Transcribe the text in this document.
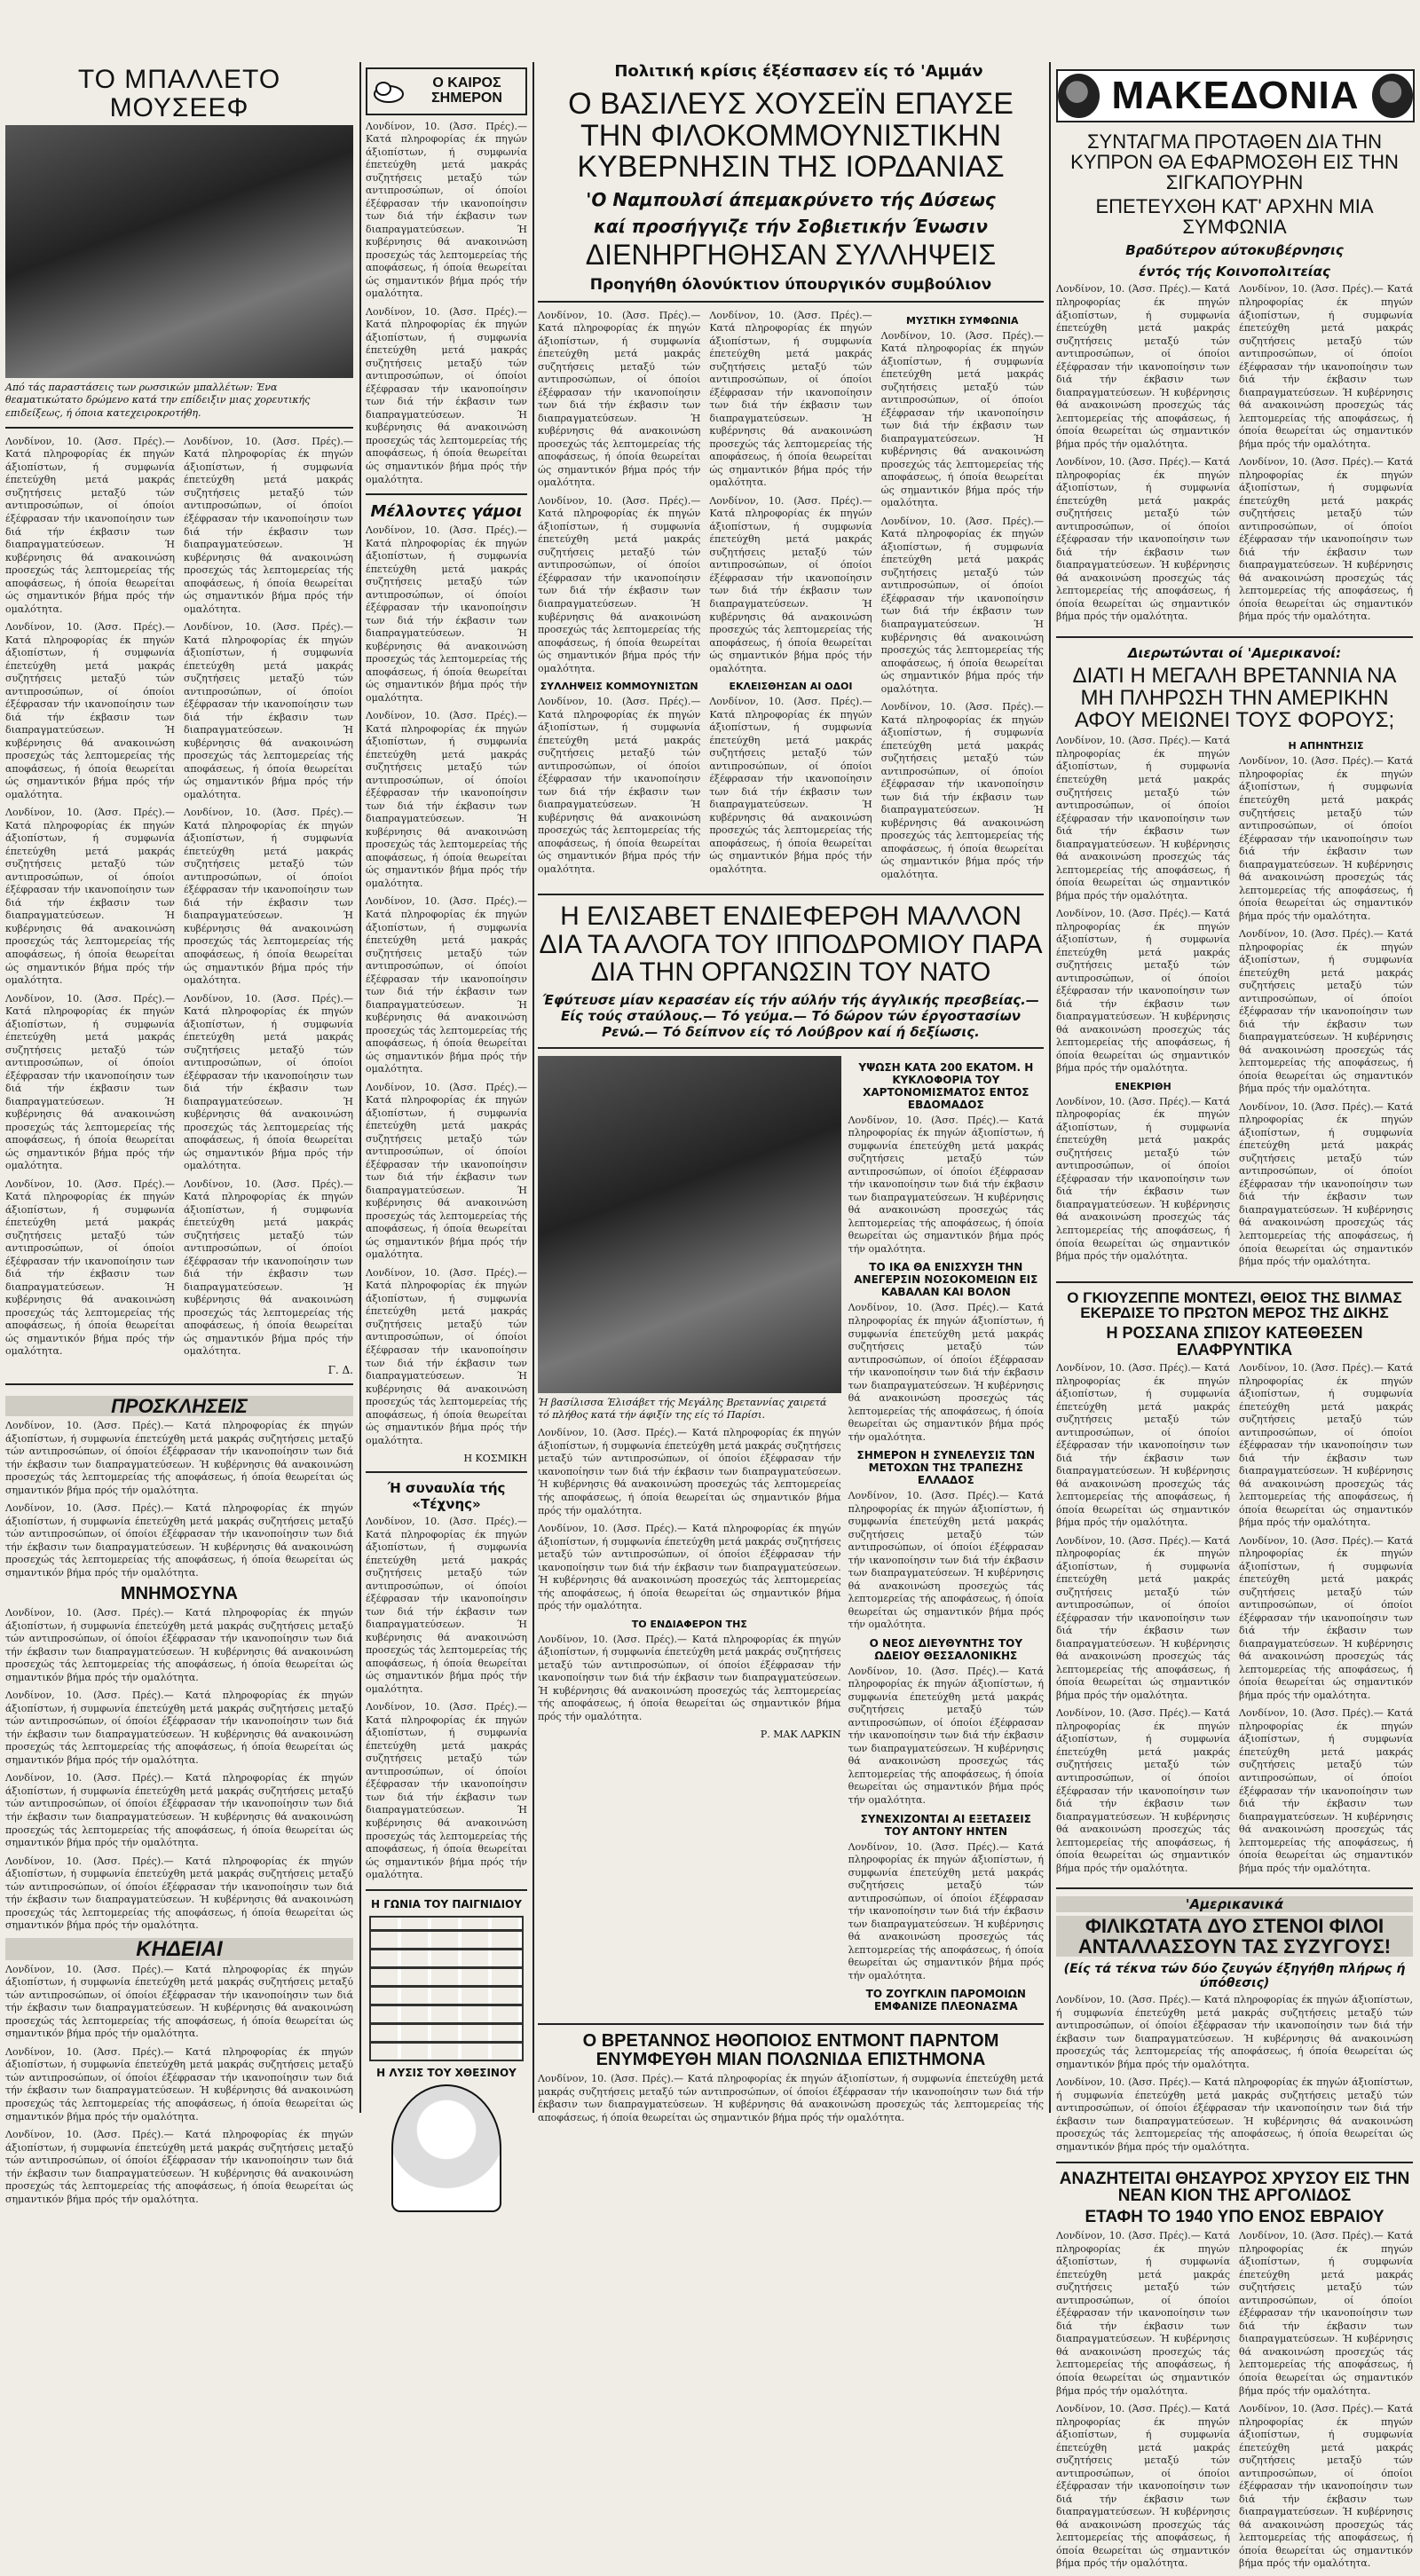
Πολιτική κρίσις έξέσπασεν είς τό 'Αμμάν
ΜΑΚΕΔΟΝΙΑ
ΤΟ ΜΠΑΛΛΕΤΟ ΜΟΥΣΕΕΦ
Από τάς παραστάσεις των ρωσσικών μπαλλέτων: Ένα θεαματικώτατο δρώμενο κατά την επίδειξιν μιας χορευτικής επιδείξεως, ή όποια κατεχειροκροτήθη.

Λονδίνον, 10. (Άσσ. Πρές).— Κατά πληροφορίας έκ πηγών άξιοπίστων, ή συμφωνία έπετεύχθη μετά μακράς συζητήσεις μεταξύ τών αντιπροσώπων, οί όποίοι έξέφρασαν τήν ικανοποίησιν των διά τήν έκβασιν των διαπραγματεύσεων. Ή κυβέρνησις θά ανακοινώση προσεχώς τάς λεπτομερείας τής αποφάσεως, ή όποία θεωρείται ώς σημαντικόν βήμα πρός τήν ομαλότητα.

Λονδίνον, 10. (Άσσ. Πρές).— Κατά πληροφορίας έκ πηγών άξιοπίστων, ή συμφωνία έπετεύχθη μετά μακράς συζητήσεις μεταξύ τών αντιπροσώπων, οί όποίοι έξέφρασαν τήν ικανοποίησιν των διά τήν έκβασιν των διαπραγματεύσεων. Ή κυβέρνησις θά ανακοινώση προσεχώς τάς λεπτομερείας τής αποφάσεως, ή όποία θεωρείται ώς σημαντικόν βήμα πρός τήν ομαλότητα.

Λονδίνον, 10. (Άσσ. Πρές).— Κατά πληροφορίας έκ πηγών άξιοπίστων, ή συμφωνία έπετεύχθη μετά μακράς συζητήσεις μεταξύ τών αντιπροσώπων, οί όποίοι έξέφρασαν τήν ικανοποίησιν των διά τήν έκβασιν των διαπραγματεύσεων. Ή κυβέρνησις θά ανακοινώση προσεχώς τάς λεπτομερείας τής αποφάσεως, ή όποία θεωρείται ώς σημαντικόν βήμα πρός τήν ομαλότητα.

Λονδίνον, 10. (Άσσ. Πρές).— Κατά πληροφορίας έκ πηγών άξιοπίστων, ή συμφωνία έπετεύχθη μετά μακράς συζητήσεις μεταξύ τών αντιπροσώπων, οί όποίοι έξέφρασαν τήν ικανοποίησιν των διά τήν έκβασιν των διαπραγματεύσεων. Ή κυβέρνησις θά ανακοινώση προσεχώς τάς λεπτομερείας τής αποφάσεως, ή όποία θεωρείται ώς σημαντικόν βήμα πρός τήν ομαλότητα.

Λονδίνον, 10. (Άσσ. Πρές).— Κατά πληροφορίας έκ πηγών άξιοπίστων, ή συμφωνία έπετεύχθη μετά μακράς συζητήσεις μεταξύ τών αντιπροσώπων, οί όποίοι έξέφρασαν τήν ικανοποίησιν των διά τήν έκβασιν των διαπραγματεύσεων. Ή κυβέρνησις θά ανακοινώση προσεχώς τάς λεπτομερείας τής αποφάσεως, ή όποία θεωρείται ώς σημαντικόν βήμα πρός τήν ομαλότητα.

Λονδίνον, 10. (Άσσ. Πρές).— Κατά πληροφορίας έκ πηγών άξιοπίστων, ή συμφωνία έπετεύχθη μετά μακράς συζητήσεις μεταξύ τών αντιπροσώπων, οί όποίοι έξέφρασαν τήν ικανοποίησιν των διά τήν έκβασιν των διαπραγματεύσεων. Ή κυβέρνησις θά ανακοινώση προσεχώς τάς λεπτομερείας τής αποφάσεως, ή όποία θεωρείται ώς σημαντικόν βήμα πρός τήν ομαλότητα.

Λονδίνον, 10. (Άσσ. Πρές).— Κατά πληροφορίας έκ πηγών άξιοπίστων, ή συμφωνία έπετεύχθη μετά μακράς συζητήσεις μεταξύ τών αντιπροσώπων, οί όποίοι έξέφρασαν τήν ικανοποίησιν των διά τήν έκβασιν των διαπραγματεύσεων. Ή κυβέρνησις θά ανακοινώση προσεχώς τάς λεπτομερείας τής αποφάσεως, ή όποία θεωρείται ώς σημαντικόν βήμα πρός τήν ομαλότητα.

Λονδίνον, 10. (Άσσ. Πρές).— Κατά πληροφορίας έκ πηγών άξιοπίστων, ή συμφωνία έπετεύχθη μετά μακράς συζητήσεις μεταξύ τών αντιπροσώπων, οί όποίοι έξέφρασαν τήν ικανοποίησιν των διά τήν έκβασιν των διαπραγματεύσεων. Ή κυβέρνησις θά ανακοινώση προσεχώς τάς λεπτομερείας τής αποφάσεως, ή όποία θεωρείται ώς σημαντικόν βήμα πρός τήν ομαλότητα.

Λονδίνον, 10. (Άσσ. Πρές).— Κατά πληροφορίας έκ πηγών άξιοπίστων, ή συμφωνία έπετεύχθη μετά μακράς συζητήσεις μεταξύ τών αντιπροσώπων, οί όποίοι έξέφρασαν τήν ικανοποίησιν των διά τήν έκβασιν των διαπραγματεύσεων. Ή κυβέρνησις θά ανακοινώση προσεχώς τάς λεπτομερείας τής αποφάσεως, ή όποία θεωρείται ώς σημαντικόν βήμα πρός τήν ομαλότητα.

Λονδίνον, 10. (Άσσ. Πρές).— Κατά πληροφορίας έκ πηγών άξιοπίστων, ή συμφωνία έπετεύχθη μετά μακράς συζητήσεις μεταξύ τών αντιπροσώπων, οί όποίοι έξέφρασαν τήν ικανοποίησιν των διά τήν έκβασιν των διαπραγματεύσεων. Ή κυβέρνησις θά ανακοινώση προσεχώς τάς λεπτομερείας τής αποφάσεως, ή όποία θεωρείται ώς σημαντικόν βήμα πρός τήν ομαλότητα.

Γ. Δ.
ΠΡΟΣΚΛΗΣΕΙΣ

Λονδίνον, 10. (Άσσ. Πρές).— Κατά πληροφορίας έκ πηγών άξιοπίστων, ή συμφωνία έπετεύχθη μετά μακράς συζητήσεις μεταξύ τών αντιπροσώπων, οί όποίοι έξέφρασαν τήν ικανοποίησιν των διά τήν έκβασιν των διαπραγματεύσεων. Ή κυβέρνησις θά ανακοινώση προσεχώς τάς λεπτομερείας τής αποφάσεως, ή όποία θεωρείται ώς σημαντικόν βήμα πρός τήν ομαλότητα.

Λονδίνον, 10. (Άσσ. Πρές).— Κατά πληροφορίας έκ πηγών άξιοπίστων, ή συμφωνία έπετεύχθη μετά μακράς συζητήσεις μεταξύ τών αντιπροσώπων, οί όποίοι έξέφρασαν τήν ικανοποίησιν των διά τήν έκβασιν των διαπραγματεύσεων. Ή κυβέρνησις θά ανακοινώση προσεχώς τάς λεπτομερείας τής αποφάσεως, ή όποία θεωρείται ώς σημαντικόν βήμα πρός τήν ομαλότητα.

ΜΝΗΜΟΣΥΝΑ

Λονδίνον, 10. (Άσσ. Πρές).— Κατά πληροφορίας έκ πηγών άξιοπίστων, ή συμφωνία έπετεύχθη μετά μακράς συζητήσεις μεταξύ τών αντιπροσώπων, οί όποίοι έξέφρασαν τήν ικανοποίησιν των διά τήν έκβασιν των διαπραγματεύσεων. Ή κυβέρνησις θά ανακοινώση προσεχώς τάς λεπτομερείας τής αποφάσεως, ή όποία θεωρείται ώς σημαντικόν βήμα πρός τήν ομαλότητα.

Λονδίνον, 10. (Άσσ. Πρές).— Κατά πληροφορίας έκ πηγών άξιοπίστων, ή συμφωνία έπετεύχθη μετά μακράς συζητήσεις μεταξύ τών αντιπροσώπων, οί όποίοι έξέφρασαν τήν ικανοποίησιν των διά τήν έκβασιν των διαπραγματεύσεων. Ή κυβέρνησις θά ανακοινώση προσεχώς τάς λεπτομερείας τής αποφάσεως, ή όποία θεωρείται ώς σημαντικόν βήμα πρός τήν ομαλότητα.

Λονδίνον, 10. (Άσσ. Πρές).— Κατά πληροφορίας έκ πηγών άξιοπίστων, ή συμφωνία έπετεύχθη μετά μακράς συζητήσεις μεταξύ τών αντιπροσώπων, οί όποίοι έξέφρασαν τήν ικανοποίησιν των διά τήν έκβασιν των διαπραγματεύσεων. Ή κυβέρνησις θά ανακοινώση προσεχώς τάς λεπτομερείας τής αποφάσεως, ή όποία θεωρείται ώς σημαντικόν βήμα πρός τήν ομαλότητα.

Λονδίνον, 10. (Άσσ. Πρές).— Κατά πληροφορίας έκ πηγών άξιοπίστων, ή συμφωνία έπετεύχθη μετά μακράς συζητήσεις μεταξύ τών αντιπροσώπων, οί όποίοι έξέφρασαν τήν ικανοποίησιν των διά τήν έκβασιν των διαπραγματεύσεων. Ή κυβέρνησις θά ανακοινώση προσεχώς τάς λεπτομερείας τής αποφάσεως, ή όποία θεωρείται ώς σημαντικόν βήμα πρός τήν ομαλότητα.

ΚΗΔΕΙΑΙ

Λονδίνον, 10. (Άσσ. Πρές).— Κατά πληροφορίας έκ πηγών άξιοπίστων, ή συμφωνία έπετεύχθη μετά μακράς συζητήσεις μεταξύ τών αντιπροσώπων, οί όποίοι έξέφρασαν τήν ικανοποίησιν των διά τήν έκβασιν των διαπραγματεύσεων. Ή κυβέρνησις θά ανακοινώση προσεχώς τάς λεπτομερείας τής αποφάσεως, ή όποία θεωρείται ώς σημαντικόν βήμα πρός τήν ομαλότητα.

Λονδίνον, 10. (Άσσ. Πρές).— Κατά πληροφορίας έκ πηγών άξιοπίστων, ή συμφωνία έπετεύχθη μετά μακράς συζητήσεις μεταξύ τών αντιπροσώπων, οί όποίοι έξέφρασαν τήν ικανοποίησιν των διά τήν έκβασιν των διαπραγματεύσεων. Ή κυβέρνησις θά ανακοινώση προσεχώς τάς λεπτομερείας τής αποφάσεως, ή όποία θεωρείται ώς σημαντικόν βήμα πρός τήν ομαλότητα.

Λονδίνον, 10. (Άσσ. Πρές).— Κατά πληροφορίας έκ πηγών άξιοπίστων, ή συμφωνία έπετεύχθη μετά μακράς συζητήσεις μεταξύ τών αντιπροσώπων, οί όποίοι έξέφρασαν τήν ικανοποίησιν των διά τήν έκβασιν των διαπραγματεύσεων. Ή κυβέρνησις θά ανακοινώση προσεχώς τάς λεπτομερείας τής αποφάσεως, ή όποία θεωρείται ώς σημαντικόν βήμα πρός τήν ομαλότητα.

Ο ΚΑΙΡΟΣ ΣΗΜΕΡΟΝ

Λονδίνον, 10. (Άσσ. Πρές).— Κατά πληροφορίας έκ πηγών άξιοπίστων, ή συμφωνία έπετεύχθη μετά μακράς συζητήσεις μεταξύ τών αντιπροσώπων, οί όποίοι έξέφρασαν τήν ικανοποίησιν των διά τήν έκβασιν των διαπραγματεύσεων. Ή κυβέρνησις θά ανακοινώση προσεχώς τάς λεπτομερείας τής αποφάσεως, ή όποία θεωρείται ώς σημαντικόν βήμα πρός τήν ομαλότητα.

Λονδίνον, 10. (Άσσ. Πρές).— Κατά πληροφορίας έκ πηγών άξιοπίστων, ή συμφωνία έπετεύχθη μετά μακράς συζητήσεις μεταξύ τών αντιπροσώπων, οί όποίοι έξέφρασαν τήν ικανοποίησιν των διά τήν έκβασιν των διαπραγματεύσεων. Ή κυβέρνησις θά ανακοινώση προσεχώς τάς λεπτομερείας τής αποφάσεως, ή όποία θεωρείται ώς σημαντικόν βήμα πρός τήν ομαλότητα.

Μέλλοντες γάμοι

Λονδίνον, 10. (Άσσ. Πρές).— Κατά πληροφορίας έκ πηγών άξιοπίστων, ή συμφωνία έπετεύχθη μετά μακράς συζητήσεις μεταξύ τών αντιπροσώπων, οί όποίοι έξέφρασαν τήν ικανοποίησιν των διά τήν έκβασιν των διαπραγματεύσεων. Ή κυβέρνησις θά ανακοινώση προσεχώς τάς λεπτομερείας τής αποφάσεως, ή όποία θεωρείται ώς σημαντικόν βήμα πρός τήν ομαλότητα.

Λονδίνον, 10. (Άσσ. Πρές).— Κατά πληροφορίας έκ πηγών άξιοπίστων, ή συμφωνία έπετεύχθη μετά μακράς συζητήσεις μεταξύ τών αντιπροσώπων, οί όποίοι έξέφρασαν τήν ικανοποίησιν των διά τήν έκβασιν των διαπραγματεύσεων. Ή κυβέρνησις θά ανακοινώση προσεχώς τάς λεπτομερείας τής αποφάσεως, ή όποία θεωρείται ώς σημαντικόν βήμα πρός τήν ομαλότητα.

Λονδίνον, 10. (Άσσ. Πρές).— Κατά πληροφορίας έκ πηγών άξιοπίστων, ή συμφωνία έπετεύχθη μετά μακράς συζητήσεις μεταξύ τών αντιπροσώπων, οί όποίοι έξέφρασαν τήν ικανοποίησιν των διά τήν έκβασιν των διαπραγματεύσεων. Ή κυβέρνησις θά ανακοινώση προσεχώς τάς λεπτομερείας τής αποφάσεως, ή όποία θεωρείται ώς σημαντικόν βήμα πρός τήν ομαλότητα.

Λονδίνον, 10. (Άσσ. Πρές).— Κατά πληροφορίας έκ πηγών άξιοπίστων, ή συμφωνία έπετεύχθη μετά μακράς συζητήσεις μεταξύ τών αντιπροσώπων, οί όποίοι έξέφρασαν τήν ικανοποίησιν των διά τήν έκβασιν των διαπραγματεύσεων. Ή κυβέρνησις θά ανακοινώση προσεχώς τάς λεπτομερείας τής αποφάσεως, ή όποία θεωρείται ώς σημαντικόν βήμα πρός τήν ομαλότητα.

Λονδίνον, 10. (Άσσ. Πρές).— Κατά πληροφορίας έκ πηγών άξιοπίστων, ή συμφωνία έπετεύχθη μετά μακράς συζητήσεις μεταξύ τών αντιπροσώπων, οί όποίοι έξέφρασαν τήν ικανοποίησιν των διά τήν έκβασιν των διαπραγματεύσεων. Ή κυβέρνησις θά ανακοινώση προσεχώς τάς λεπτομερείας τής αποφάσεως, ή όποία θεωρείται ώς σημαντικόν βήμα πρός τήν ομαλότητα.

Η ΚΟΣΜΙΚΗ
Ή συναυλία τής «Τέχνης»

Λονδίνον, 10. (Άσσ. Πρές).— Κατά πληροφορίας έκ πηγών άξιοπίστων, ή συμφωνία έπετεύχθη μετά μακράς συζητήσεις μεταξύ τών αντιπροσώπων, οί όποίοι έξέφρασαν τήν ικανοποίησιν των διά τήν έκβασιν των διαπραγματεύσεων. Ή κυβέρνησις θά ανακοινώση προσεχώς τάς λεπτομερείας τής αποφάσεως, ή όποία θεωρείται ώς σημαντικόν βήμα πρός τήν ομαλότητα.

Λονδίνον, 10. (Άσσ. Πρές).— Κατά πληροφορίας έκ πηγών άξιοπίστων, ή συμφωνία έπετεύχθη μετά μακράς συζητήσεις μεταξύ τών αντιπροσώπων, οί όποίοι έξέφρασαν τήν ικανοποίησιν των διά τήν έκβασιν των διαπραγματεύσεων. Ή κυβέρνησις θά ανακοινώση προσεχώς τάς λεπτομερείας τής αποφάσεως, ή όποία θεωρείται ώς σημαντικόν βήμα πρός τήν ομαλότητα.

Η ΓΩΝΙΑ ΤΟΥ ΠΑΙΓΝΙΔΙΟΥ
Η ΛΥΣΙΣ ΤΟΥ ΧΘΕΣΙΝΟΥ
Ο ΒΑΣΙΛΕΥΣ ΧΟΥΣΕΪΝ ΕΠΑΥΣΕ ΤΗΝ ΦΙΛΟΚΟΜΜΟΥΝΙΣΤΙΚΗΝ ΚΥΒΕΡΝΗΣΙΝ ΤΗΣ ΙΟΡΔΑΝΙΑΣ
'Ο Ναμπουλσί άπεμακρύνετο τής Δύσεως
καί προσήγγιζε τήν Σοβιετικήν Ένωσιν
ΔΙΕΝΗΡΓΗΘΗΣΑΝ ΣΥΛΛΗΨΕΙΣ
Προηγήθη όλονύκτιον ύπουργικόν συμβούλιον

Λονδίνον, 10. (Άσσ. Πρές).— Κατά πληροφορίας έκ πηγών άξιοπίστων, ή συμφωνία έπετεύχθη μετά μακράς συζητήσεις μεταξύ τών αντιπροσώπων, οί όποίοι έξέφρασαν τήν ικανοποίησιν των διά τήν έκβασιν των διαπραγματεύσεων. Ή κυβέρνησις θά ανακοινώση προσεχώς τάς λεπτομερείας τής αποφάσεως, ή όποία θεωρείται ώς σημαντικόν βήμα πρός τήν ομαλότητα.

Λονδίνον, 10. (Άσσ. Πρές).— Κατά πληροφορίας έκ πηγών άξιοπίστων, ή συμφωνία έπετεύχθη μετά μακράς συζητήσεις μεταξύ τών αντιπροσώπων, οί όποίοι έξέφρασαν τήν ικανοποίησιν των διά τήν έκβασιν των διαπραγματεύσεων. Ή κυβέρνησις θά ανακοινώση προσεχώς τάς λεπτομερείας τής αποφάσεως, ή όποία θεωρείται ώς σημαντικόν βήμα πρός τήν ομαλότητα.

ΣΥΛΛΗΨΕΙΣ ΚΟΜΜΟΥΝΙΣΤΩΝ

Λονδίνον, 10. (Άσσ. Πρές).— Κατά πληροφορίας έκ πηγών άξιοπίστων, ή συμφωνία έπετεύχθη μετά μακράς συζητήσεις μεταξύ τών αντιπροσώπων, οί όποίοι έξέφρασαν τήν ικανοποίησιν των διά τήν έκβασιν των διαπραγματεύσεων. Ή κυβέρνησις θά ανακοινώση προσεχώς τάς λεπτομερείας τής αποφάσεως, ή όποία θεωρείται ώς σημαντικόν βήμα πρός τήν ομαλότητα.

Λονδίνον, 10. (Άσσ. Πρές).— Κατά πληροφορίας έκ πηγών άξιοπίστων, ή συμφωνία έπετεύχθη μετά μακράς συζητήσεις μεταξύ τών αντιπροσώπων, οί όποίοι έξέφρασαν τήν ικανοποίησιν των διά τήν έκβασιν των διαπραγματεύσεων. Ή κυβέρνησις θά ανακοινώση προσεχώς τάς λεπτομερείας τής αποφάσεως, ή όποία θεωρείται ώς σημαντικόν βήμα πρός τήν ομαλότητα.

Λονδίνον, 10. (Άσσ. Πρές).— Κατά πληροφορίας έκ πηγών άξιοπίστων, ή συμφωνία έπετεύχθη μετά μακράς συζητήσεις μεταξύ τών αντιπροσώπων, οί όποίοι έξέφρασαν τήν ικανοποίησιν των διά τήν έκβασιν των διαπραγματεύσεων. Ή κυβέρνησις θά ανακοινώση προσεχώς τάς λεπτομερείας τής αποφάσεως, ή όποία θεωρείται ώς σημαντικόν βήμα πρός τήν ομαλότητα.

ΕΚΛΕΙΣΘΗΣΑΝ ΑΙ ΟΔΟΙ

Λονδίνον, 10. (Άσσ. Πρές).— Κατά πληροφορίας έκ πηγών άξιοπίστων, ή συμφωνία έπετεύχθη μετά μακράς συζητήσεις μεταξύ τών αντιπροσώπων, οί όποίοι έξέφρασαν τήν ικανοποίησιν των διά τήν έκβασιν των διαπραγματεύσεων. Ή κυβέρνησις θά ανακοινώση προσεχώς τάς λεπτομερείας τής αποφάσεως, ή όποία θεωρείται ώς σημαντικόν βήμα πρός τήν ομαλότητα.

ΜΥΣΤΙΚΗ ΣΥΜΦΩΝΙΑ

Λονδίνον, 10. (Άσσ. Πρές).— Κατά πληροφορίας έκ πηγών άξιοπίστων, ή συμφωνία έπετεύχθη μετά μακράς συζητήσεις μεταξύ τών αντιπροσώπων, οί όποίοι έξέφρασαν τήν ικανοποίησιν των διά τήν έκβασιν των διαπραγματεύσεων. Ή κυβέρνησις θά ανακοινώση προσεχώς τάς λεπτομερείας τής αποφάσεως, ή όποία θεωρείται ώς σημαντικόν βήμα πρός τήν ομαλότητα.

Λονδίνον, 10. (Άσσ. Πρές).— Κατά πληροφορίας έκ πηγών άξιοπίστων, ή συμφωνία έπετεύχθη μετά μακράς συζητήσεις μεταξύ τών αντιπροσώπων, οί όποίοι έξέφρασαν τήν ικανοποίησιν των διά τήν έκβασιν των διαπραγματεύσεων. Ή κυβέρνησις θά ανακοινώση προσεχώς τάς λεπτομερείας τής αποφάσεως, ή όποία θεωρείται ώς σημαντικόν βήμα πρός τήν ομαλότητα.

Λονδίνον, 10. (Άσσ. Πρές).— Κατά πληροφορίας έκ πηγών άξιοπίστων, ή συμφωνία έπετεύχθη μετά μακράς συζητήσεις μεταξύ τών αντιπροσώπων, οί όποίοι έξέφρασαν τήν ικανοποίησιν των διά τήν έκβασιν των διαπραγματεύσεων. Ή κυβέρνησις θά ανακοινώση προσεχώς τάς λεπτομερείας τής αποφάσεως, ή όποία θεωρείται ώς σημαντικόν βήμα πρός τήν ομαλότητα.

Η ΕΛΙΣΑΒΕΤ ΕΝΔΙΕΦΕΡΘΗ ΜΑΛΛΟΝ ΔΙΑ ΤΑ ΑΛΟΓΑ ΤΟΥ ΙΠΠΟΔΡΟΜΙΟΥ ΠΑΡΑ ΔΙΑ ΤΗΝ ΟΡΓΑΝΩΣΙΝ ΤΟΥ ΝΑΤΟ
Έφύτευσε μίαν κερασέαν είς τήν αύλήν τής άγγλικής πρεσβείας.— Είς τούς σταύλους.— Τό γεύμα.— Τό δώρον τών έργοστασίων Ρενώ.— Τό δείπνον είς τό Λούβρον καί ή δεξίωσις.
Ή βασίλισσα Έλισάβετ τής Μεγάλης Βρεταννίας χαιρετά τό πλήθος κατά τήν άφιξίν της είς τό Παρίσι.

Λονδίνον, 10. (Άσσ. Πρές).— Κατά πληροφορίας έκ πηγών άξιοπίστων, ή συμφωνία έπετεύχθη μετά μακράς συζητήσεις μεταξύ τών αντιπροσώπων, οί όποίοι έξέφρασαν τήν ικανοποίησιν των διά τήν έκβασιν των διαπραγματεύσεων. Ή κυβέρνησις θά ανακοινώση προσεχώς τάς λεπτομερείας τής αποφάσεως, ή όποία θεωρείται ώς σημαντικόν βήμα πρός τήν ομαλότητα.

Λονδίνον, 10. (Άσσ. Πρές).— Κατά πληροφορίας έκ πηγών άξιοπίστων, ή συμφωνία έπετεύχθη μετά μακράς συζητήσεις μεταξύ τών αντιπροσώπων, οί όποίοι έξέφρασαν τήν ικανοποίησιν των διά τήν έκβασιν των διαπραγματεύσεων. Ή κυβέρνησις θά ανακοινώση προσεχώς τάς λεπτομερείας τής αποφάσεως, ή όποία θεωρείται ώς σημαντικόν βήμα πρός τήν ομαλότητα.

ΤΟ ΕΝΔΙΑΦΕΡΟΝ ΤΗΣ

Λονδίνον, 10. (Άσσ. Πρές).— Κατά πληροφορίας έκ πηγών άξιοπίστων, ή συμφωνία έπετεύχθη μετά μακράς συζητήσεις μεταξύ τών αντιπροσώπων, οί όποίοι έξέφρασαν τήν ικανοποίησιν των διά τήν έκβασιν των διαπραγματεύσεων. Ή κυβέρνησις θά ανακοινώση προσεχώς τάς λεπτομερείας τής αποφάσεως, ή όποία θεωρείται ώς σημαντικόν βήμα πρός τήν ομαλότητα.

Ρ. ΜΑΚ ΛΑΡΚΙΝ
ΥΨΩΣΗ ΚΑΤΑ 200 ΕΚΑΤΟΜ. Η ΚΥΚΛΟΦΟΡΙΑ ΤΟΥ ΧΑΡΤΟΝΟΜΙΣΜΑΤΟΣ ΕΝΤΟΣ ΕΒΔΟΜΑΔΟΣ

Λονδίνον, 10. (Άσσ. Πρές).— Κατά πληροφορίας έκ πηγών άξιοπίστων, ή συμφωνία έπετεύχθη μετά μακράς συζητήσεις μεταξύ τών αντιπροσώπων, οί όποίοι έξέφρασαν τήν ικανοποίησιν των διά τήν έκβασιν των διαπραγματεύσεων. Ή κυβέρνησις θά ανακοινώση προσεχώς τάς λεπτομερείας τής αποφάσεως, ή όποία θεωρείται ώς σημαντικόν βήμα πρός τήν ομαλότητα.

ΤΟ ΙΚΑ ΘΑ ΕΝΙΣΧΥΣΗ ΤΗΝ ΑΝΕΓΕΡΣΙΝ ΝΟΣΟΚΟΜΕΙΩΝ ΕΙΣ ΚΑΒΑΛΑΝ ΚΑΙ ΒΟΛΟΝ

Λονδίνον, 10. (Άσσ. Πρές).— Κατά πληροφορίας έκ πηγών άξιοπίστων, ή συμφωνία έπετεύχθη μετά μακράς συζητήσεις μεταξύ τών αντιπροσώπων, οί όποίοι έξέφρασαν τήν ικανοποίησιν των διά τήν έκβασιν των διαπραγματεύσεων. Ή κυβέρνησις θά ανακοινώση προσεχώς τάς λεπτομερείας τής αποφάσεως, ή όποία θεωρείται ώς σημαντικόν βήμα πρός τήν ομαλότητα.

ΣΗΜΕΡΟΝ Η ΣΥΝΕΛΕΥΣΙΣ ΤΩΝ ΜΕΤΟΧΩΝ ΤΗΣ ΤΡΑΠΕΖΗΣ ΕΛΛΑΔΟΣ

Λονδίνον, 10. (Άσσ. Πρές).— Κατά πληροφορίας έκ πηγών άξιοπίστων, ή συμφωνία έπετεύχθη μετά μακράς συζητήσεις μεταξύ τών αντιπροσώπων, οί όποίοι έξέφρασαν τήν ικανοποίησιν των διά τήν έκβασιν των διαπραγματεύσεων. Ή κυβέρνησις θά ανακοινώση προσεχώς τάς λεπτομερείας τής αποφάσεως, ή όποία θεωρείται ώς σημαντικόν βήμα πρός τήν ομαλότητα.

Ο ΝΕΟΣ ΔΙΕΥΘΥΝΤΗΣ ΤΟΥ ΩΔΕΙΟΥ ΘΕΣΣΑΛΟΝΙΚΗΣ

Λονδίνον, 10. (Άσσ. Πρές).— Κατά πληροφορίας έκ πηγών άξιοπίστων, ή συμφωνία έπετεύχθη μετά μακράς συζητήσεις μεταξύ τών αντιπροσώπων, οί όποίοι έξέφρασαν τήν ικανοποίησιν των διά τήν έκβασιν των διαπραγματεύσεων. Ή κυβέρνησις θά ανακοινώση προσεχώς τάς λεπτομερείας τής αποφάσεως, ή όποία θεωρείται ώς σημαντικόν βήμα πρός τήν ομαλότητα.

ΣΥΝΕΧΙΖΟΝΤΑΙ ΑΙ ΕΞΕΤΑΣΕΙΣ ΤΟΥ ΑΝΤΟΝΥ ΗΝΤΕΝ

Λονδίνον, 10. (Άσσ. Πρές).— Κατά πληροφορίας έκ πηγών άξιοπίστων, ή συμφωνία έπετεύχθη μετά μακράς συζητήσεις μεταξύ τών αντιπροσώπων, οί όποίοι έξέφρασαν τήν ικανοποίησιν των διά τήν έκβασιν των διαπραγματεύσεων. Ή κυβέρνησις θά ανακοινώση προσεχώς τάς λεπτομερείας τής αποφάσεως, ή όποία θεωρείται ώς σημαντικόν βήμα πρός τήν ομαλότητα.

ΤΟ ΖΟΥΓΚΛΙΝ ΠΑΡΟΜΟΙΩΝ ΕΜΦΑΝΙΖΕ ΠΛΕΟΝΑΣΜΑ
Ο ΒΡΕΤΑΝΝΟΣ ΗΘΟΠΟΙΟΣ ΕΝΤΜΟΝΤ ΠΑΡΝΤΟΜ ΕΝΥΜΦΕΥΘΗ ΜΙΑΝ ΠΟΛΩΝΙΔΑ ΕΠΙΣΤΗΜΟΝΑ

Λονδίνον, 10. (Άσσ. Πρές).— Κατά πληροφορίας έκ πηγών άξιοπίστων, ή συμφωνία έπετεύχθη μετά μακράς συζητήσεις μεταξύ τών αντιπροσώπων, οί όποίοι έξέφρασαν τήν ικανοποίησιν των διά τήν έκβασιν των διαπραγματεύσεων. Ή κυβέρνησις θά ανακοινώση προσεχώς τάς λεπτομερείας τής αποφάσεως, ή όποία θεωρείται ώς σημαντικόν βήμα πρός τήν ομαλότητα.

ΣΥΝΤΑΓΜΑ ΠΡΟΤΑΘΕΝ ΔΙΑ ΤΗΝ ΚΥΠΡΟΝ ΘΑ ΕΦΑΡΜΟΣΘΗ ΕΙΣ ΤΗΝ ΣΙΓΚΑΠΟΥΡΗΝ
ΕΠΕΤΕΥΧΘΗ ΚΑΤ' ΑΡΧΗΝ ΜΙΑ ΣΥΜΦΩΝΙΑ
Βραδύτερον αύτοκυβέρνησις
έντός τής Κοινοπολιτείας

Λονδίνον, 10. (Άσσ. Πρές).— Κατά πληροφορίας έκ πηγών άξιοπίστων, ή συμφωνία έπετεύχθη μετά μακράς συζητήσεις μεταξύ τών αντιπροσώπων, οί όποίοι έξέφρασαν τήν ικανοποίησιν των διά τήν έκβασιν των διαπραγματεύσεων. Ή κυβέρνησις θά ανακοινώση προσεχώς τάς λεπτομερείας τής αποφάσεως, ή όποία θεωρείται ώς σημαντικόν βήμα πρός τήν ομαλότητα.

Λονδίνον, 10. (Άσσ. Πρές).— Κατά πληροφορίας έκ πηγών άξιοπίστων, ή συμφωνία έπετεύχθη μετά μακράς συζητήσεις μεταξύ τών αντιπροσώπων, οί όποίοι έξέφρασαν τήν ικανοποίησιν των διά τήν έκβασιν των διαπραγματεύσεων. Ή κυβέρνησις θά ανακοινώση προσεχώς τάς λεπτομερείας τής αποφάσεως, ή όποία θεωρείται ώς σημαντικόν βήμα πρός τήν ομαλότητα.

Λονδίνον, 10. (Άσσ. Πρές).— Κατά πληροφορίας έκ πηγών άξιοπίστων, ή συμφωνία έπετεύχθη μετά μακράς συζητήσεις μεταξύ τών αντιπροσώπων, οί όποίοι έξέφρασαν τήν ικανοποίησιν των διά τήν έκβασιν των διαπραγματεύσεων. Ή κυβέρνησις θά ανακοινώση προσεχώς τάς λεπτομερείας τής αποφάσεως, ή όποία θεωρείται ώς σημαντικόν βήμα πρός τήν ομαλότητα.

Λονδίνον, 10. (Άσσ. Πρές).— Κατά πληροφορίας έκ πηγών άξιοπίστων, ή συμφωνία έπετεύχθη μετά μακράς συζητήσεις μεταξύ τών αντιπροσώπων, οί όποίοι έξέφρασαν τήν ικανοποίησιν των διά τήν έκβασιν των διαπραγματεύσεων. Ή κυβέρνησις θά ανακοινώση προσεχώς τάς λεπτομερείας τής αποφάσεως, ή όποία θεωρείται ώς σημαντικόν βήμα πρός τήν ομαλότητα.

Διερωτώνται οί 'Αμερικανοί:
ΔΙΑΤΙ Η ΜΕΓΑΛΗ ΒΡΕΤΑΝΝΙΑ ΝΑ ΜΗ ΠΛΗΡΩΣΗ ΤΗΝ ΑΜΕΡΙΚΗΝ ΑΦΟΥ ΜΕΙΩΝΕΙ ΤΟΥΣ ΦΟΡΟΥΣ;

Λονδίνον, 10. (Άσσ. Πρές).— Κατά πληροφορίας έκ πηγών άξιοπίστων, ή συμφωνία έπετεύχθη μετά μακράς συζητήσεις μεταξύ τών αντιπροσώπων, οί όποίοι έξέφρασαν τήν ικανοποίησιν των διά τήν έκβασιν των διαπραγματεύσεων. Ή κυβέρνησις θά ανακοινώση προσεχώς τάς λεπτομερείας τής αποφάσεως, ή όποία θεωρείται ώς σημαντικόν βήμα πρός τήν ομαλότητα.

Λονδίνον, 10. (Άσσ. Πρές).— Κατά πληροφορίας έκ πηγών άξιοπίστων, ή συμφωνία έπετεύχθη μετά μακράς συζητήσεις μεταξύ τών αντιπροσώπων, οί όποίοι έξέφρασαν τήν ικανοποίησιν των διά τήν έκβασιν των διαπραγματεύσεων. Ή κυβέρνησις θά ανακοινώση προσεχώς τάς λεπτομερείας τής αποφάσεως, ή όποία θεωρείται ώς σημαντικόν βήμα πρός τήν ομαλότητα.

ΕΝΕΚΡΙΘΗ

Λονδίνον, 10. (Άσσ. Πρές).— Κατά πληροφορίας έκ πηγών άξιοπίστων, ή συμφωνία έπετεύχθη μετά μακράς συζητήσεις μεταξύ τών αντιπροσώπων, οί όποίοι έξέφρασαν τήν ικανοποίησιν των διά τήν έκβασιν των διαπραγματεύσεων. Ή κυβέρνησις θά ανακοινώση προσεχώς τάς λεπτομερείας τής αποφάσεως, ή όποία θεωρείται ώς σημαντικόν βήμα πρός τήν ομαλότητα.

Η ΑΠΗΝΤΗΣΙΣ

Λονδίνον, 10. (Άσσ. Πρές).— Κατά πληροφορίας έκ πηγών άξιοπίστων, ή συμφωνία έπετεύχθη μετά μακράς συζητήσεις μεταξύ τών αντιπροσώπων, οί όποίοι έξέφρασαν τήν ικανοποίησιν των διά τήν έκβασιν των διαπραγματεύσεων. Ή κυβέρνησις θά ανακοινώση προσεχώς τάς λεπτομερείας τής αποφάσεως, ή όποία θεωρείται ώς σημαντικόν βήμα πρός τήν ομαλότητα.

Λονδίνον, 10. (Άσσ. Πρές).— Κατά πληροφορίας έκ πηγών άξιοπίστων, ή συμφωνία έπετεύχθη μετά μακράς συζητήσεις μεταξύ τών αντιπροσώπων, οί όποίοι έξέφρασαν τήν ικανοποίησιν των διά τήν έκβασιν των διαπραγματεύσεων. Ή κυβέρνησις θά ανακοινώση προσεχώς τάς λεπτομερείας τής αποφάσεως, ή όποία θεωρείται ώς σημαντικόν βήμα πρός τήν ομαλότητα.

Λονδίνον, 10. (Άσσ. Πρές).— Κατά πληροφορίας έκ πηγών άξιοπίστων, ή συμφωνία έπετεύχθη μετά μακράς συζητήσεις μεταξύ τών αντιπροσώπων, οί όποίοι έξέφρασαν τήν ικανοποίησιν των διά τήν έκβασιν των διαπραγματεύσεων. Ή κυβέρνησις θά ανακοινώση προσεχώς τάς λεπτομερείας τής αποφάσεως, ή όποία θεωρείται ώς σημαντικόν βήμα πρός τήν ομαλότητα.

Ο ΓΚΙΟΥΖΕΠΠΕ ΜΟΝΤΕΖΙ, ΘΕΙΟΣ ΤΗΣ ΒΙΛΜΑΣ ΕΚΕΡΔΙΣΕ ΤΟ ΠΡΩΤΟΝ ΜΕΡΟΣ ΤΗΣ ΔΙΚΗΣ
Η ΡΟΣΣΑΝΑ ΣΠΙΣΟΥ ΚΑΤΕΘΕΣΕΝ ΕΛΑΦΡΥΝΤΙΚΑ

Λονδίνον, 10. (Άσσ. Πρές).— Κατά πληροφορίας έκ πηγών άξιοπίστων, ή συμφωνία έπετεύχθη μετά μακράς συζητήσεις μεταξύ τών αντιπροσώπων, οί όποίοι έξέφρασαν τήν ικανοποίησιν των διά τήν έκβασιν των διαπραγματεύσεων. Ή κυβέρνησις θά ανακοινώση προσεχώς τάς λεπτομερείας τής αποφάσεως, ή όποία θεωρείται ώς σημαντικόν βήμα πρός τήν ομαλότητα.

Λονδίνον, 10. (Άσσ. Πρές).— Κατά πληροφορίας έκ πηγών άξιοπίστων, ή συμφωνία έπετεύχθη μετά μακράς συζητήσεις μεταξύ τών αντιπροσώπων, οί όποίοι έξέφρασαν τήν ικανοποίησιν των διά τήν έκβασιν των διαπραγματεύσεων. Ή κυβέρνησις θά ανακοινώση προσεχώς τάς λεπτομερείας τής αποφάσεως, ή όποία θεωρείται ώς σημαντικόν βήμα πρός τήν ομαλότητα.

Λονδίνον, 10. (Άσσ. Πρές).— Κατά πληροφορίας έκ πηγών άξιοπίστων, ή συμφωνία έπετεύχθη μετά μακράς συζητήσεις μεταξύ τών αντιπροσώπων, οί όποίοι έξέφρασαν τήν ικανοποίησιν των διά τήν έκβασιν των διαπραγματεύσεων. Ή κυβέρνησις θά ανακοινώση προσεχώς τάς λεπτομερείας τής αποφάσεως, ή όποία θεωρείται ώς σημαντικόν βήμα πρός τήν ομαλότητα.

Λονδίνον, 10. (Άσσ. Πρές).— Κατά πληροφορίας έκ πηγών άξιοπίστων, ή συμφωνία έπετεύχθη μετά μακράς συζητήσεις μεταξύ τών αντιπροσώπων, οί όποίοι έξέφρασαν τήν ικανοποίησιν των διά τήν έκβασιν των διαπραγματεύσεων. Ή κυβέρνησις θά ανακοινώση προσεχώς τάς λεπτομερείας τής αποφάσεως, ή όποία θεωρείται ώς σημαντικόν βήμα πρός τήν ομαλότητα.

Λονδίνον, 10. (Άσσ. Πρές).— Κατά πληροφορίας έκ πηγών άξιοπίστων, ή συμφωνία έπετεύχθη μετά μακράς συζητήσεις μεταξύ τών αντιπροσώπων, οί όποίοι έξέφρασαν τήν ικανοποίησιν των διά τήν έκβασιν των διαπραγματεύσεων. Ή κυβέρνησις θά ανακοινώση προσεχώς τάς λεπτομερείας τής αποφάσεως, ή όποία θεωρείται ώς σημαντικόν βήμα πρός τήν ομαλότητα.

Λονδίνον, 10. (Άσσ. Πρές).— Κατά πληροφορίας έκ πηγών άξιοπίστων, ή συμφωνία έπετεύχθη μετά μακράς συζητήσεις μεταξύ τών αντιπροσώπων, οί όποίοι έξέφρασαν τήν ικανοποίησιν των διά τήν έκβασιν των διαπραγματεύσεων. Ή κυβέρνησις θά ανακοινώση προσεχώς τάς λεπτομερείας τής αποφάσεως, ή όποία θεωρείται ώς σημαντικόν βήμα πρός τήν ομαλότητα.

'Αμερικανικά
ΦΙΛΙΚΩΤΑΤΑ ΔΥΟ ΣΤΕΝΟΙ ΦΙΛΟΙ ΑΝΤΑΛΛΑΣΣΟΥΝ ΤΑΣ ΣΥΖΥΓΟΥΣ!
(Είς τά τέκνα τών δύο ζευγών έξηγήθη πλήρως ή ύπόθεσις)

Λονδίνον, 10. (Άσσ. Πρές).— Κατά πληροφορίας έκ πηγών άξιοπίστων, ή συμφωνία έπετεύχθη μετά μακράς συζητήσεις μεταξύ τών αντιπροσώπων, οί όποίοι έξέφρασαν τήν ικανοποίησιν των διά τήν έκβασιν των διαπραγματεύσεων. Ή κυβέρνησις θά ανακοινώση προσεχώς τάς λεπτομερείας τής αποφάσεως, ή όποία θεωρείται ώς σημαντικόν βήμα πρός τήν ομαλότητα.

Λονδίνον, 10. (Άσσ. Πρές).— Κατά πληροφορίας έκ πηγών άξιοπίστων, ή συμφωνία έπετεύχθη μετά μακράς συζητήσεις μεταξύ τών αντιπροσώπων, οί όποίοι έξέφρασαν τήν ικανοποίησιν των διά τήν έκβασιν των διαπραγματεύσεων. Ή κυβέρνησις θά ανακοινώση προσεχώς τάς λεπτομερείας τής αποφάσεως, ή όποία θεωρείται ώς σημαντικόν βήμα πρός τήν ομαλότητα.

ΑΝΑΖΗΤΕΙΤΑΙ ΘΗΣΑΥΡΟΣ ΧΡΥΣΟΥ ΕΙΣ ΤΗΝ ΝΕΑΝ ΚΙΟΝ ΤΗΣ ΑΡΓΟΛΙΔΟΣ
ΕΤΑΦΗ ΤΟ 1940 ΥΠΟ ΕΝΟΣ ΕΒΡΑΙΟΥ

Λονδίνον, 10. (Άσσ. Πρές).— Κατά πληροφορίας έκ πηγών άξιοπίστων, ή συμφωνία έπετεύχθη μετά μακράς συζητήσεις μεταξύ τών αντιπροσώπων, οί όποίοι έξέφρασαν τήν ικανοποίησιν των διά τήν έκβασιν των διαπραγματεύσεων. Ή κυβέρνησις θά ανακοινώση προσεχώς τάς λεπτομερείας τής αποφάσεως, ή όποία θεωρείται ώς σημαντικόν βήμα πρός τήν ομαλότητα.

Λονδίνον, 10. (Άσσ. Πρές).— Κατά πληροφορίας έκ πηγών άξιοπίστων, ή συμφωνία έπετεύχθη μετά μακράς συζητήσεις μεταξύ τών αντιπροσώπων, οί όποίοι έξέφρασαν τήν ικανοποίησιν των διά τήν έκβασιν των διαπραγματεύσεων. Ή κυβέρνησις θά ανακοινώση προσεχώς τάς λεπτομερείας τής αποφάσεως, ή όποία θεωρείται ώς σημαντικόν βήμα πρός τήν ομαλότητα.

Λονδίνον, 10. (Άσσ. Πρές).— Κατά πληροφορίας έκ πηγών άξιοπίστων, ή συμφωνία έπετεύχθη μετά μακράς συζητήσεις μεταξύ τών αντιπροσώπων, οί όποίοι έξέφρασαν τήν ικανοποίησιν των διά τήν έκβασιν των διαπραγματεύσεων. Ή κυβέρνησις θά ανακοινώση προσεχώς τάς λεπτομερείας τής αποφάσεως, ή όποία θεωρείται ώς σημαντικόν βήμα πρός τήν ομαλότητα.

Λονδίνον, 10. (Άσσ. Πρές).— Κατά πληροφορίας έκ πηγών άξιοπίστων, ή συμφωνία έπετεύχθη μετά μακράς συζητήσεις μεταξύ τών αντιπροσώπων, οί όποίοι έξέφρασαν τήν ικανοποίησιν των διά τήν έκβασιν των διαπραγματεύσεων. Ή κυβέρνησις θά ανακοινώση προσεχώς τάς λεπτομερείας τής αποφάσεως, ή όποία θεωρείται ώς σημαντικόν βήμα πρός τήν ομαλότητα.
